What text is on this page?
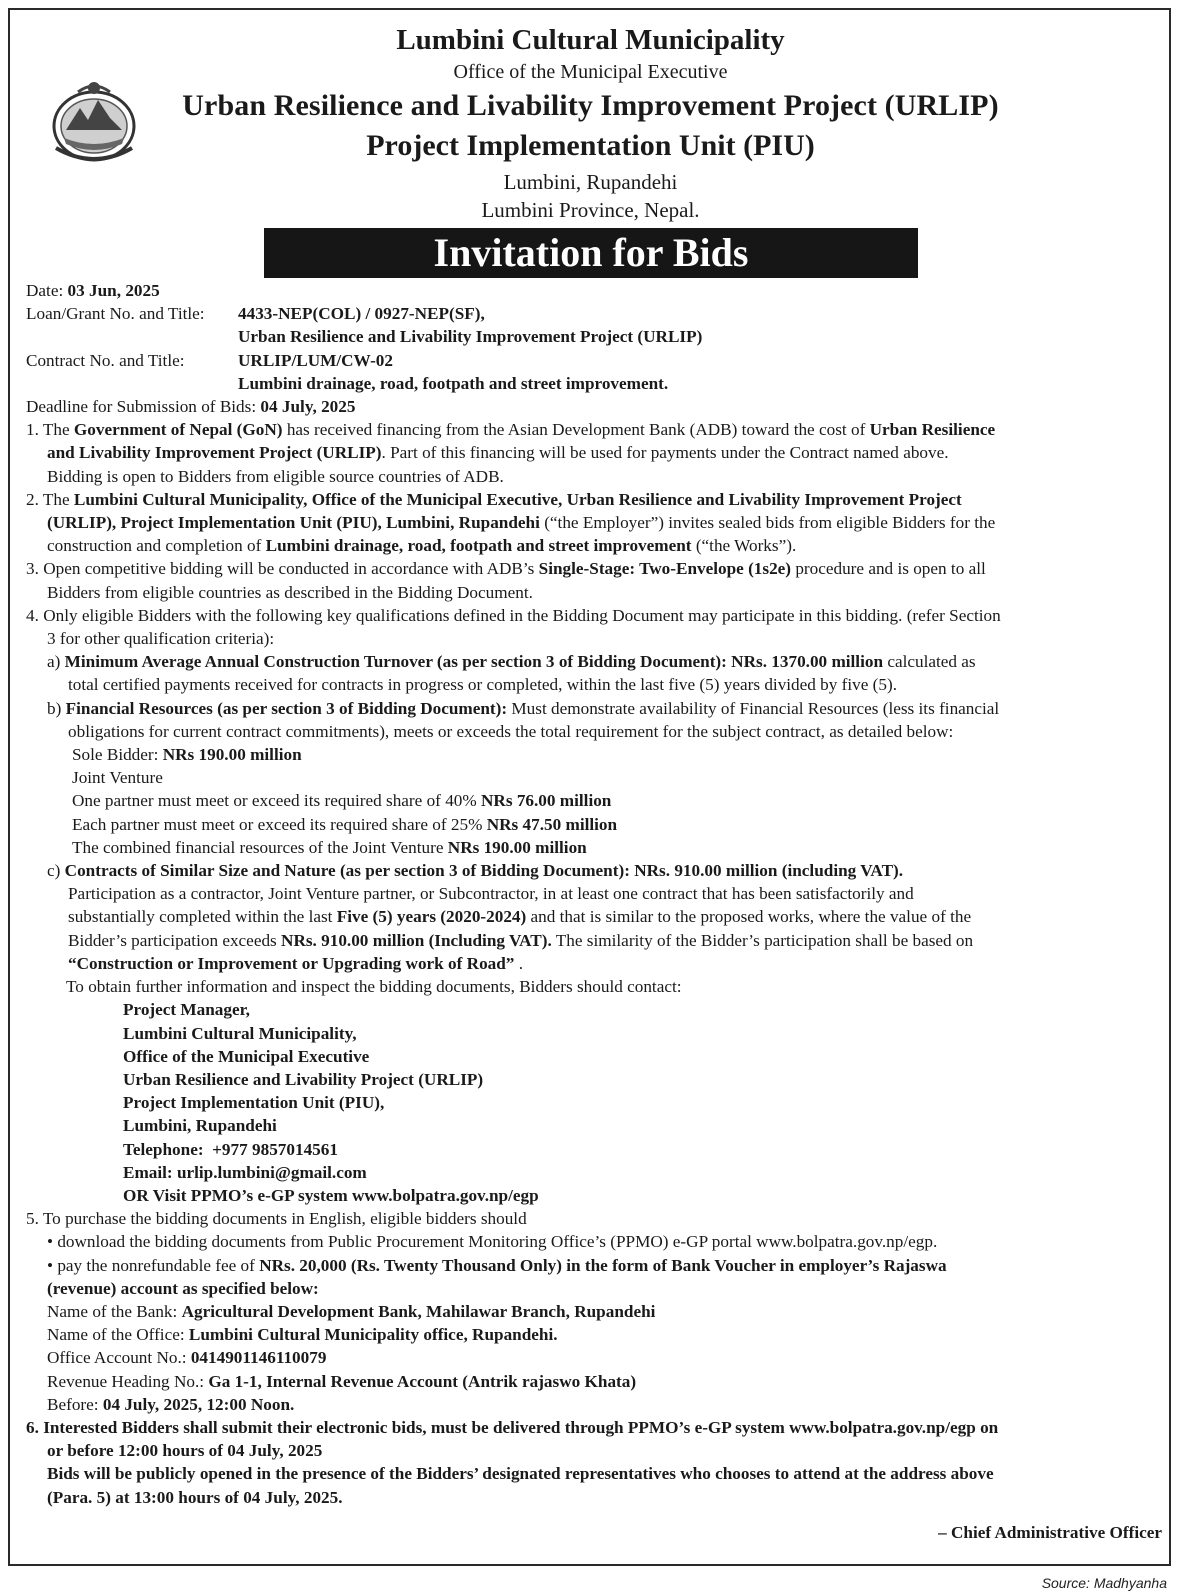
Lumbini Cultural Municipality
Office of the Municipal Executive
Urban Resilience and Livability Improvement Project (URLIP)
Project Implementation Unit (PIU)
Lumbini, Rupandehi
Lumbini Province, Nepal.
Invitation for Bids
Date: 03 Jun, 2025
Loan/Grant No. and Title:	4433-NEP(COL) / 0927-NEP(SF),
Urban Resilience and Livability Improvement Project (URLIP)
Contract No. and Title:	URLIP/LUM/CW-02
Lumbini drainage, road, footpath and street improvement.
Deadline for Submission of Bids: 04 July, 2025
1. The Government of Nepal (GoN) has received financing from the Asian Development Bank (ADB) toward the cost of Urban Resilience
and Livability Improvement Project (URLIP). Part of this financing will be used for payments under the Contract named above.
Bidding is open to Bidders from eligible source countries of ADB.
2. The Lumbini Cultural Municipality, Office of the Municipal Executive, Urban Resilience and Livability Improvement Project
(URLIP), Project Implementation Unit (PIU), Lumbini, Rupandehi (“the Employer”) invites sealed bids from eligible Bidders for the
construction and completion of Lumbini drainage, road, footpath and street improvement (“the Works”).
3. Open competitive bidding will be conducted in accordance with ADB’s Single-Stage: Two-Envelope (1s2e) procedure and is open to all
Bidders from eligible countries as described in the Bidding Document.
4. Only eligible Bidders with the following key qualifications defined in the Bidding Document may participate in this bidding. (refer Section
3 for other qualification criteria):
a) Minimum Average Annual Construction Turnover (as per section 3 of Bidding Document): NRs. 1370.00 million calculated as
total certified payments received for contracts in progress or completed, within the last five (5) years divided by five (5).
b) Financial Resources (as per section 3 of Bidding Document): Must demonstrate availability of Financial Resources (less its financial
obligations for current contract commitments), meets or exceeds the total requirement for the subject contract, as detailed below:
Sole Bidder: NRs 190.00 million
Joint Venture
One partner must meet or exceed its required share of 40% NRs 76.00 million
Each partner must meet or exceed its required share of 25% NRs 47.50 million
The combined financial resources of the Joint Venture NRs 190.00 million
c) Contracts of Similar Size and Nature (as per section 3 of Bidding Document): NRs. 910.00 million (including VAT).
Participation as a contractor, Joint Venture partner, or Subcontractor, in at least one contract that has been satisfactorily and
substantially completed within the last Five (5) years (2020-2024) and that is similar to the proposed works, where the value of the
Bidder’s participation exceeds NRs. 910.00 million (Including VAT). The similarity of the Bidder’s participation shall be based on
“Construction or Improvement or Upgrading work of Road” .
To obtain further information and inspect the bidding documents, Bidders should contact:
Project Manager,
Lumbini Cultural Municipality,
Office of the Municipal Executive
Urban Resilience and Livability Project (URLIP)
Project Implementation Unit (PIU),
Lumbini, Rupandehi
Telephone: +977 9857014561
Email: urlip.lumbini@gmail.com
OR Visit PPMO’s e-GP system www.bolpatra.gov.np/egp
5. To purchase the bidding documents in English, eligible bidders should
• download the bidding documents from Public Procurement Monitoring Office’s (PPMO) e-GP portal www.bolpatra.gov.np/egp.
• pay the nonrefundable fee of NRs. 20,000 (Rs. Twenty Thousand Only) in the form of Bank Voucher in employer’s Rajaswa
(revenue) account as specified below:
Name of the Bank: Agricultural Development Bank, Mahilawar Branch, Rupandehi
Name of the Office: Lumbini Cultural Municipality office, Rupandehi.
Office Account No.: 0414901146110079
Revenue Heading No.: Ga 1-1, Internal Revenue Account (Antrik rajaswo Khata)
Before: 04 July, 2025, 12:00 Noon.
6. Interested Bidders shall submit their electronic bids, must be delivered through PPMO’s e-GP system www.bolpatra.gov.np/egp on
or before 12:00 hours of 04 July, 2025
Bids will be publicly opened in the presence of the Bidders’ designated representatives who chooses to attend at the address above
(Para. 5) at 13:00 hours of 04 July, 2025.
– Chief Administrative Officer
Source: Madhyanha
